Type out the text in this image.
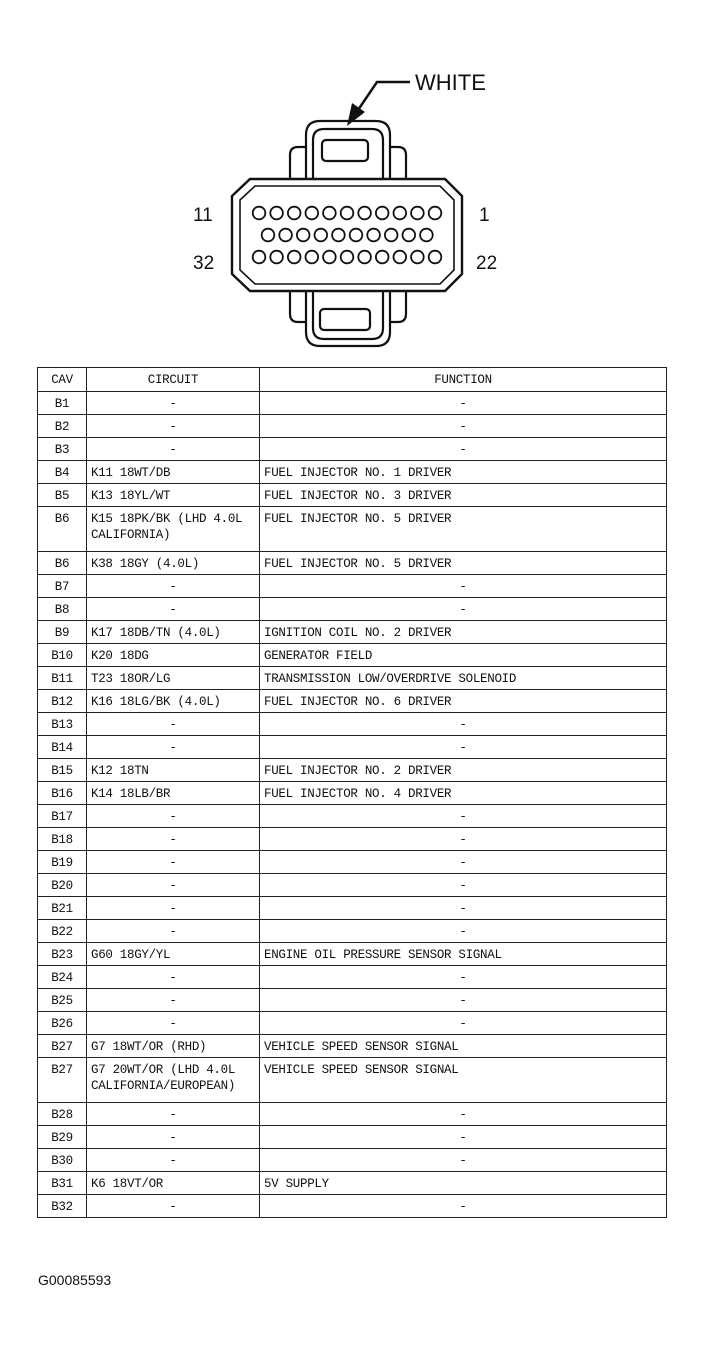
WHITE
11	1
32	22
CAV	CIRCUIT	FUNCTION
B1	-	-
B2	-	-
B3	-	-
B4	K11 18WT/DB	FUEL INJECTOR NO. 1 DRIVER
B5	K13 18YL/WT	FUEL INJECTOR NO. 3 DRIVER
B6	K15 18PK/BK (LHD 4.0L CALIFORNIA)	FUEL INJECTOR NO. 5 DRIVER
B6	K38 18GY (4.0L)	FUEL INJECTOR NO. 5 DRIVER
B7	-	-
B8	-	-
B9	K17 18DB/TN (4.0L)	IGNITION COIL NO. 2 DRIVER
B10	K20 18DG	GENERATOR FIELD
B11	T23 18OR/LG	TRANSMISSION LOW/OVERDRIVE SOLENOID
B12	K16 18LG/BK (4.0L)	FUEL INJECTOR NO. 6 DRIVER
B13	-	-
B14	-	-
B15	K12 18TN	FUEL INJECTOR NO. 2 DRIVER
B16	K14 18LB/BR	FUEL INJECTOR NO. 4 DRIVER
B17	-	-
B18	-	-
B19	-	-
B20	-	-
B21	-	-
B22	-	-
B23	G60 18GY/YL	ENGINE OIL PRESSURE SENSOR SIGNAL
B24	-	-
B25	-	-
B26	-	-
B27	G7 18WT/OR (RHD)	VEHICLE SPEED SENSOR SIGNAL
B27	G7 20WT/OR (LHD 4.0L CALIFORNIA/EUROPEAN)	VEHICLE SPEED SENSOR SIGNAL
B28	-	-
B29	-	-
B30	-	-
B31	K6 18VT/OR	5V SUPPLY
B32	-	-
G00085593
